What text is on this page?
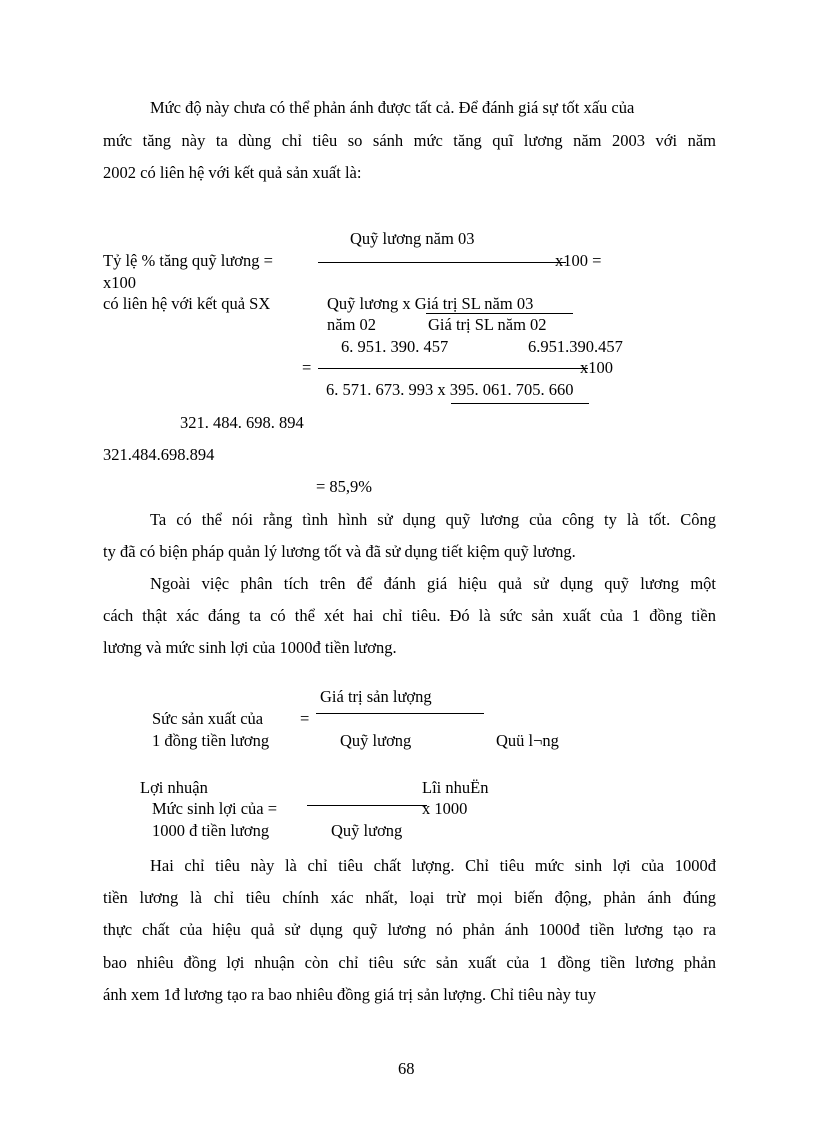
Mức độ này chưa có thể phản ánh được tất cả. Để đánh giá sự tốt xấu của
mức tăng này ta dùng chỉ tiêu so sánh mức tăng quĩ lương năm 2003 với năm
2002 có liên hệ với kết quả sản xuất là:
Quỹ lương năm 03
Tỷ lệ % tăng quỹ lương =	x100 =
x100
có liên hệ với kết quả SX	Quỹ lương x Giá trị SL năm 03
năm 02	Giá trị SL năm 02
6. 951. 390. 457	6.951.390.457
=	x100
6. 571. 673. 993 x 395. 061. 705. 660
321. 484. 698. 894
321.484.698.894
= 85,9%
Ta có thể nói rằng tình hình sử dụng quỹ lương của công ty là tốt. Công
ty đã có biện pháp quản lý lương tốt và đã sử dụng tiết kiệm quỹ lương.
Ngoài việc phân tích trên để đánh giá hiệu quả sử dụng quỹ lương một
cách thật xác đáng ta có thể xét hai chỉ tiêu. Đó là sức sản xuất của 1 đồng tiền
lương và mức sinh lợi của 1000đ tiền lương.
Giá trị sản lượng
Sức sản xuất của =
1 đồng tiền lương	Quỹ lương	Quü l¬ng
Lợi nhuận	Lîi nhuËn
Mức sinh lợi của =	x 1000
1000 đ tiền lương	Quỹ lương
Hai chỉ tiêu này là chỉ tiêu chất lượng. Chỉ tiêu mức sinh lợi của 1000đ
tiền lương là chỉ tiêu chính xác nhất, loại trừ mọi biến động, phản ánh đúng
thực chất của hiệu quả sử dụng quỹ lương nó phản ánh 1000đ tiền lương tạo ra
bao nhiêu đồng lợi nhuận còn chỉ tiêu sức sản xuất của 1 đồng tiền lương phản
ánh xem 1đ lương tạo ra bao nhiêu đồng giá trị sản lượng. Chỉ tiêu này tuy
68
